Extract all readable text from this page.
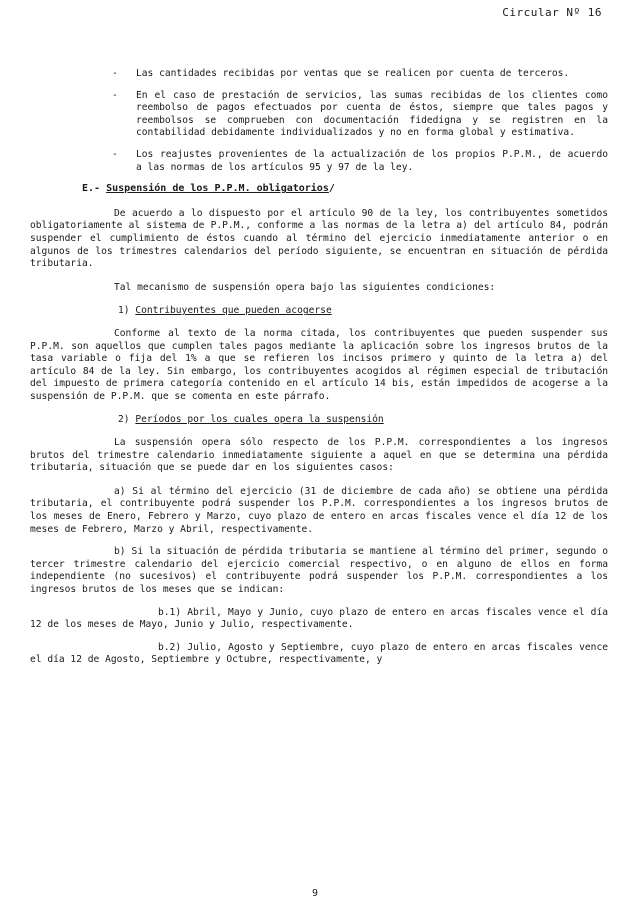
Circular Nº 16
-	Las cantidades recibidas por ventas que se realicen por cuenta de terceros.
-	En el caso de prestación de servicios, las sumas recibidas de los clientes como reembolso de pagos efectuados por cuenta de éstos, siempre que tales pagos y reembolsos se comprueben con documentación fidedigna y se registren en la contabilidad debidamente individualizados y no en forma global y estimativa.
-	Los reajustes provenientes de la actualización de los propios P.P.M., de acuerdo a las normas de los artículos 95 y 97 de la ley.
E.- Suspensión de los P.P.M. obligatorios/

De acuerdo a lo dispuesto por el artículo 90 de la ley, los contribuyentes sometidos obligatoriamente al sistema de P.P.M., conforme a las normas de la letra a) del artículo 84, podrán suspender el cumplimiento de éstos cuando al término del ejercicio inmediatamente anterior o en algunos de los trimestres calendarios del período siguiente, se encuentran en situación de pérdida tributaria.

Tal mecanismo de suspensión opera bajo las siguientes condiciones:

1) Contribuyentes que pueden acogerse

Conforme al texto de la norma citada, los contribuyentes que pueden suspender sus P.P.M. son aquellos que cumplen tales pagos mediante la aplicación sobre los ingresos brutos de la tasa variable o fija del 1% a que se refieren los incisos primero y quinto de la letra a) del artículo 84 de la ley. Sin embargo, los contribuyentes acogidos al régimen especial de tributación del impuesto de primera categoría contenido en el artículo 14 bis, están impedidos de acogerse a la suspensión de P.P.M. que se comenta en este párrafo.

2) Períodos por los cuales opera la suspensión

La suspensión opera sólo respecto de los P.P.M. correspondientes a los ingresos brutos del trimestre calendario inmediatamente siguiente a aquel en que se determina una pérdida tributaria, situación que se puede dar en los siguientes casos:

a) Si al término del ejercicio (31 de diciembre de cada año) se obtiene una pérdida tributaria, el contribuyente podrá suspender los P.P.M. correspondientes a los ingresos brutos de los meses de Enero, Febrero y Marzo, cuyo plazo de entero en arcas fiscales vence el día 12 de los meses de Febrero, Marzo y Abril, respectivamente.

b) Si la situación de pérdida tributaria se mantiene al término del primer, segundo o tercer trimestre calendario del ejercicio comercial respectivo, o en alguno de ellos en forma independiente (no sucesivos) el contribuyente podrá suspender los P.P.M. correspondientes a los ingresos brutos de los meses que se indican:

b.1) Abril, Mayo y Junio, cuyo plazo de entero en arcas fiscales vence el día 12 de los meses de Mayo, Junio y Julio, respectivamente.

b.2) Julio, Agosto y Septiembre, cuyo plazo de entero en arcas fiscales vence el día 12 de Agosto, Septiembre y Octubre, respectivamente, y

9
